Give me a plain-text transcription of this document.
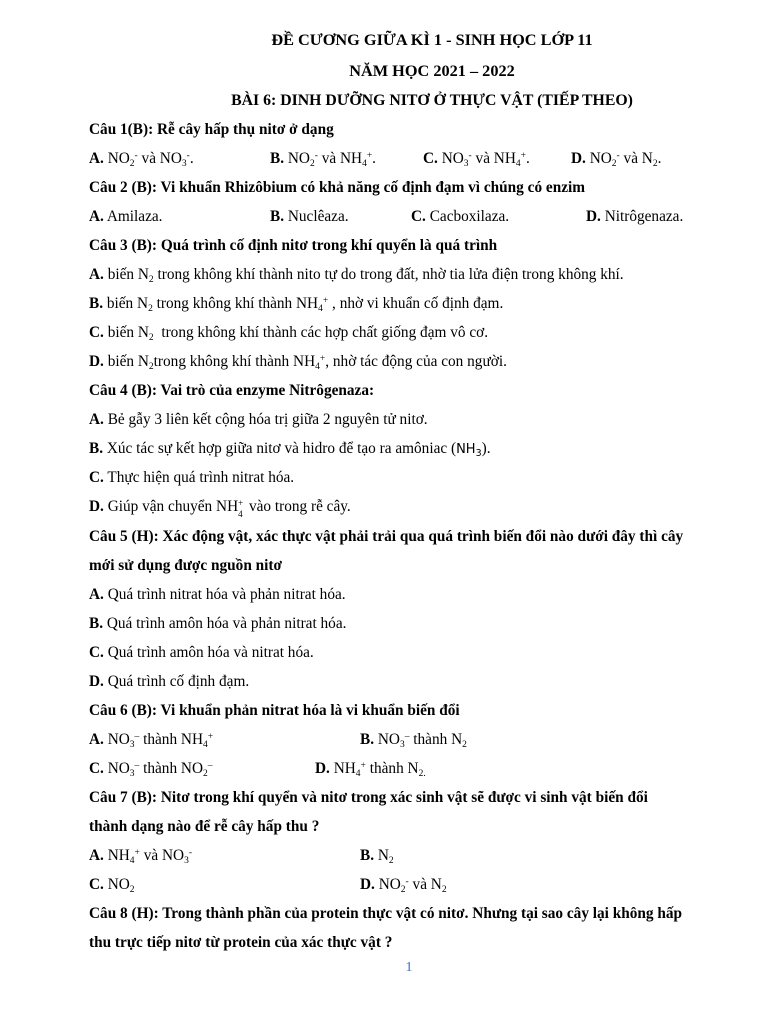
ĐỀ CƯƠNG GIỮA KÌ 1 - SINH HỌC LỚP 11
NĂM HỌC 2021 – 2022
BÀI 6: DINH DƯỠNG NITƠ Ở THỰC VẬT (TIẾP THEO)
Câu 1(B): Rễ cây hấp thụ nitơ ở dạng
A. $NO_2^-$ và $NO_3^-$.	B. $NO_2^-$ và $NH_4^+$.	C. $NO_3^-$ và $NH_4^+$.	D. $NO_2^-$ và $N_2$.
Câu 2 (B): Vi khuẩn Rhizôbium có khả năng cố định đạm vì chúng có enzim
A. Amilaza.	B. Nuclêaza.	C. Cacboxilaza.	D. Nitrôgenaza.
Câu 3 (B): Quá trình cố định nitơ trong khí quyển là quá trình
A. biến $N_2$ trong không khí thành nito tự do trong đất, nhờ tia lửa điện trong không khí.
B. biến $N_2$ trong không khí thành $NH_4^+$ , nhờ vi khuẩn cố định đạm.
C. biến $N_2$  trong không khí thành các hợp chất giống đạm vô cơ.
D. biến $N_2trong$ không khí thành $NH_4^+$, nhờ tác động của con người.
Câu 4 (B): Vai trò của enzyme Nitrôgenaza:
A. Bẻ gẫy 3 liên kết cộng hóa trị giữa 2 nguyên tử nitơ.
B. Xúc tác sự kết hợp giữa nitơ và hidro để tạo ra amôniac $(NH_3)$.
C. Thực hiện quá trình nitrat hóa.
D. Giúp vận chuyển NH +
4 vào trong rễ cây.
Câu 5 (H): Xác động vật, xác thực vật phải trải qua quá trình biến đổi nào dưới đây thì cây
mới sử dụng được nguồn nitơ
A. Quá trình nitrat hóa và phản nitrat hóa.
B. Quá trình amôn hóa và phản nitrat hóa.
C. Quá trình amôn hóa và nitrat hóa.
D. Quá trình cố định đạm.
Câu 6 (B): Vi khuẩn phản nitrat hóa là vi khuẩn biến đổi
A. $NO_3^-$ thành $NH_4^+$	B. $NO_3^-$ thành $N_2$
C. $NO_3^-$ thành $NO_2^-$	D. $NH_4^+$ thành $N_{2.}$
Câu 7 (B): Nitơ trong khí quyển và nitơ trong xác sinh vật sẽ được vi sinh vật biến đổi
thành dạng nào để rễ cây hấp thu ?
A. $NH_4^+$ và $NO_3^-$	B. $N_2$
C. $NO_2$	D. $NO_2^-$ và $N_2$
Câu 8 (H): Trong thành phần của protein thực vật có nitơ. Nhưng tại sao cây lại không hấp
thu trực tiếp nitơ từ protein của xác thực vật ?
1
